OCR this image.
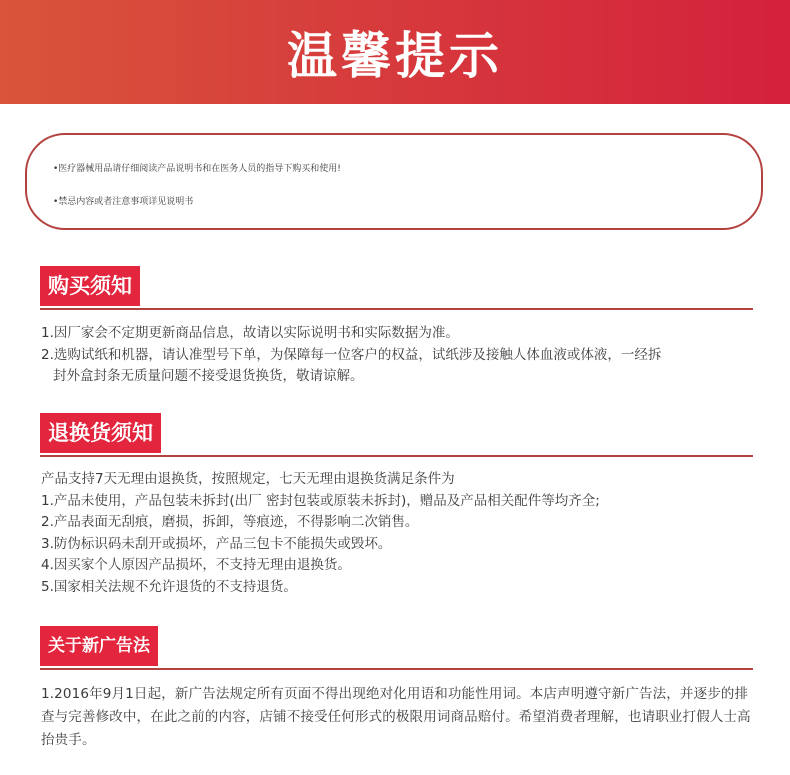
温馨提示
•医疗器械用品请仔细阅读产品说明书和在医务人员的指导下购买和使用!
•禁忌内容或者注意事项详见说明书
购买须知
1.因厂家会不定期更新商品信息，故请以实际说明书和实际数据为准。
2.选购试纸和机器，请认准型号下单，为保障每一位客户的权益，试纸涉及接触人体血液或体液，一经拆
封外盒封条无质量问题不接受退货换货，敬请谅解。
退换货须知
产品支持7天无理由退换货，按照规定，七天无理由退换货满足条件为
1.产品未使用，产品包装未拆封(出厂 密封包装或原装未拆封)，赠品及产品相关配件等均齐全;
2.产品表面无刮痕，磨损，拆卸，等痕迹，不得影响二次销售。
3.防伪标识码未刮开或损坏，产品三包卡不能损失或毁坏。
4.因买家个人原因产品损坏，不支持无理由退换货。
5.国家相关法规不允许退货的不支持退货。
关于新广告法
1.2016年9月1日起，新广告法规定所有页面不得出现绝对化用语和功能性用词。本店声明遵守新广告法，并逐步的排查与完善修改中，在此之前的内容，店铺不接受任何形式的极限用词商品赔付。希望消费者理解，也请职业打假人士高抬贵手。
